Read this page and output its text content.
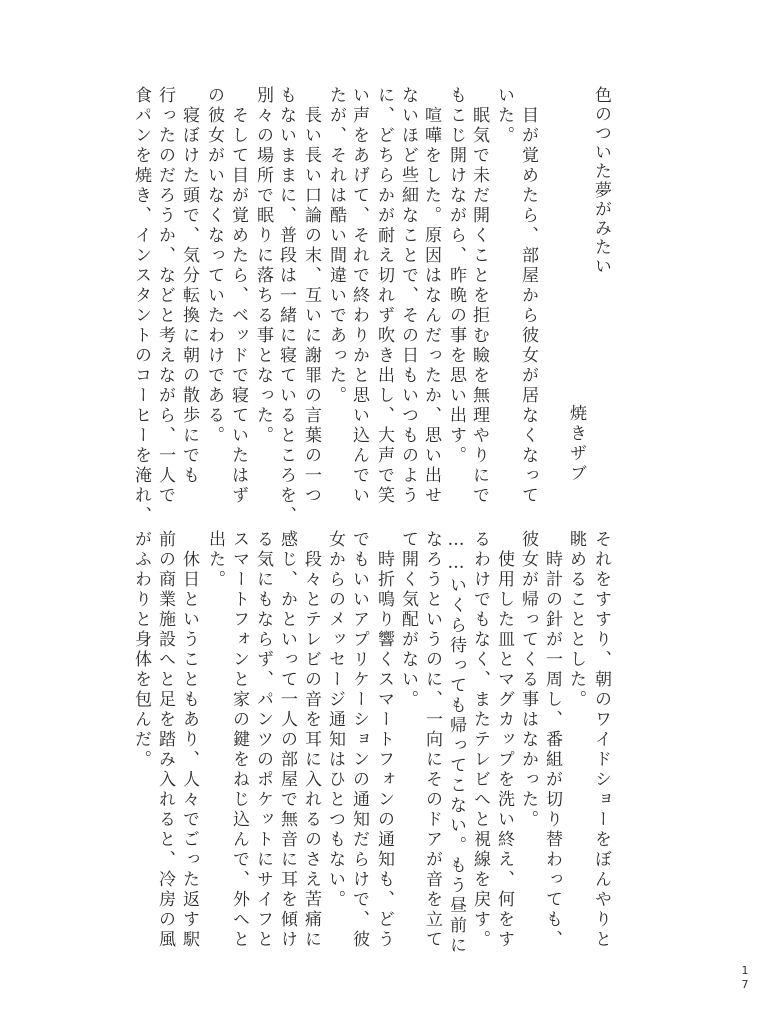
色のついた夢がみたい
焼きザブ
　目が覚めたら、部屋から彼女が居なくなって
いた。
　眠気で未だ開くことを拒む瞼を無理やりにで
もこじ開けながら、昨晩の事を思い出す。
　喧嘩をした。原因はなんだったか、思い出せ
ないほど些細なことで、その日もいつものよう
に、どちらかが耐え切れず吹き出し、大声で笑
い声をあげて、それで終わりかと思い込んでい
たが、それは酷い間違いであった。
　長い長い口論の末、互いに謝罪の言葉の一つ
もないままに、普段は一緒に寝ているところを、
別々の場所で眠りに落ちる事となった。
　そして目が覚めたら、ベッドで寝ていたはず
の彼女がいなくなっていたわけである。
　寝ぼけた頭で、気分転換に朝の散歩にでも
行ったのだろうか、などと考えながら、一人で
食パンを焼き、インスタントのコーヒーを淹れ、
それをすすり、朝のワイドショーをぼんやりと
眺めることとした。
　時計の針が一周し、番組が切り替わっても、
彼女が帰ってくる事はなかった。
　使用した皿とマグカップを洗い終え、何をす
るわけでもなく、またテレビへと視線を戻す。
……いくら待っても帰ってこない。もう昼前に
なろうというのに、一向にそのドアが音を立て
て開く気配がない。
　時折鳴り響くスマートフォンの通知も、どう
でもいいアプリケーションの通知だらけで、彼
女からのメッセージ通知はひとつもない。
　段々とテレビの音を耳に入れるのさえ苦痛に
感じ、かといって一人の部屋で無音に耳を傾け
る気にもならず、パンツのポケットにサイフと
スマートフォンと家の鍵をねじ込んで、外へと
出た。
　休日ということもあり、人々でごった返す駅
前の商業施設へと足を踏み入れると、冷房の風
がふわりと身体を包んだ。
1
7
